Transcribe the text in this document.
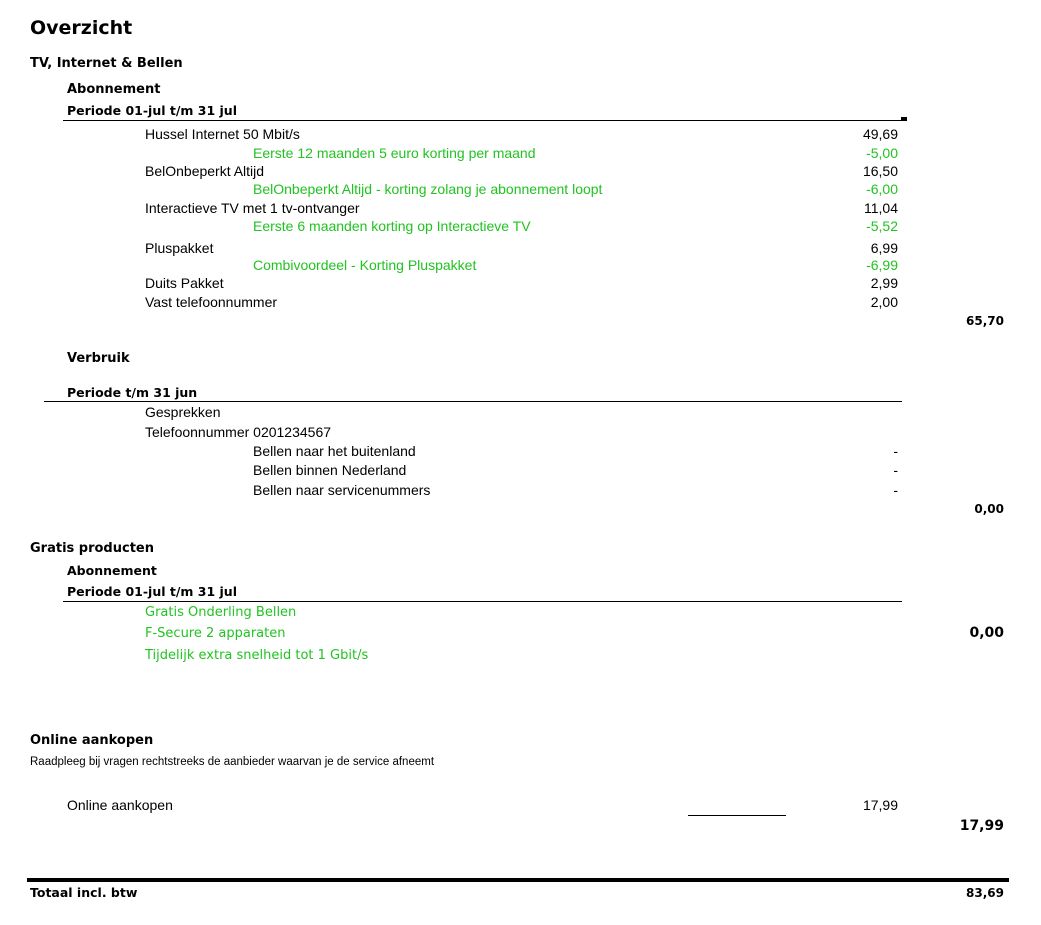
Overzicht
TV, Internet & Bellen
Abonnement
Periode 01-jul t/m 31 jul
Hussel Internet 50 Mbit/s	49,69
Eerste 12 maanden 5 euro korting per maand	-5,00
BelOnbeperkt Altijd	16,50
BelOnbeperkt Altijd - korting zolang je abonnement loopt	-6,00
Interactieve TV met 1 tv-ontvanger	11,04
Eerste 6 maanden korting op Interactieve TV	-5,52
Pluspakket	6,99
Combivoordeel - Korting Pluspakket	-6,99
Duits Pakket	2,99
Vast telefoonnummer	2,00
65,70
Verbruik
Periode t/m 31 jun
Gesprekken
Telefoonnummer 0201234567
Bellen naar het buitenland	-
Bellen binnen Nederland	-
Bellen naar servicenummers	-
0,00
Gratis producten
Abonnement
Periode 01-jul t/m 31 jul
Gratis Onderling Bellen
F-Secure 2 apparaten
Tijdelijk extra snelheid tot 1 Gbit/s
0,00
Online aankopen
Raadpleeg bij vragen rechtstreeks de aanbieder waarvan je de service afneemt
Online aankopen	17,99
17,99
Totaal incl. btw	83,69
